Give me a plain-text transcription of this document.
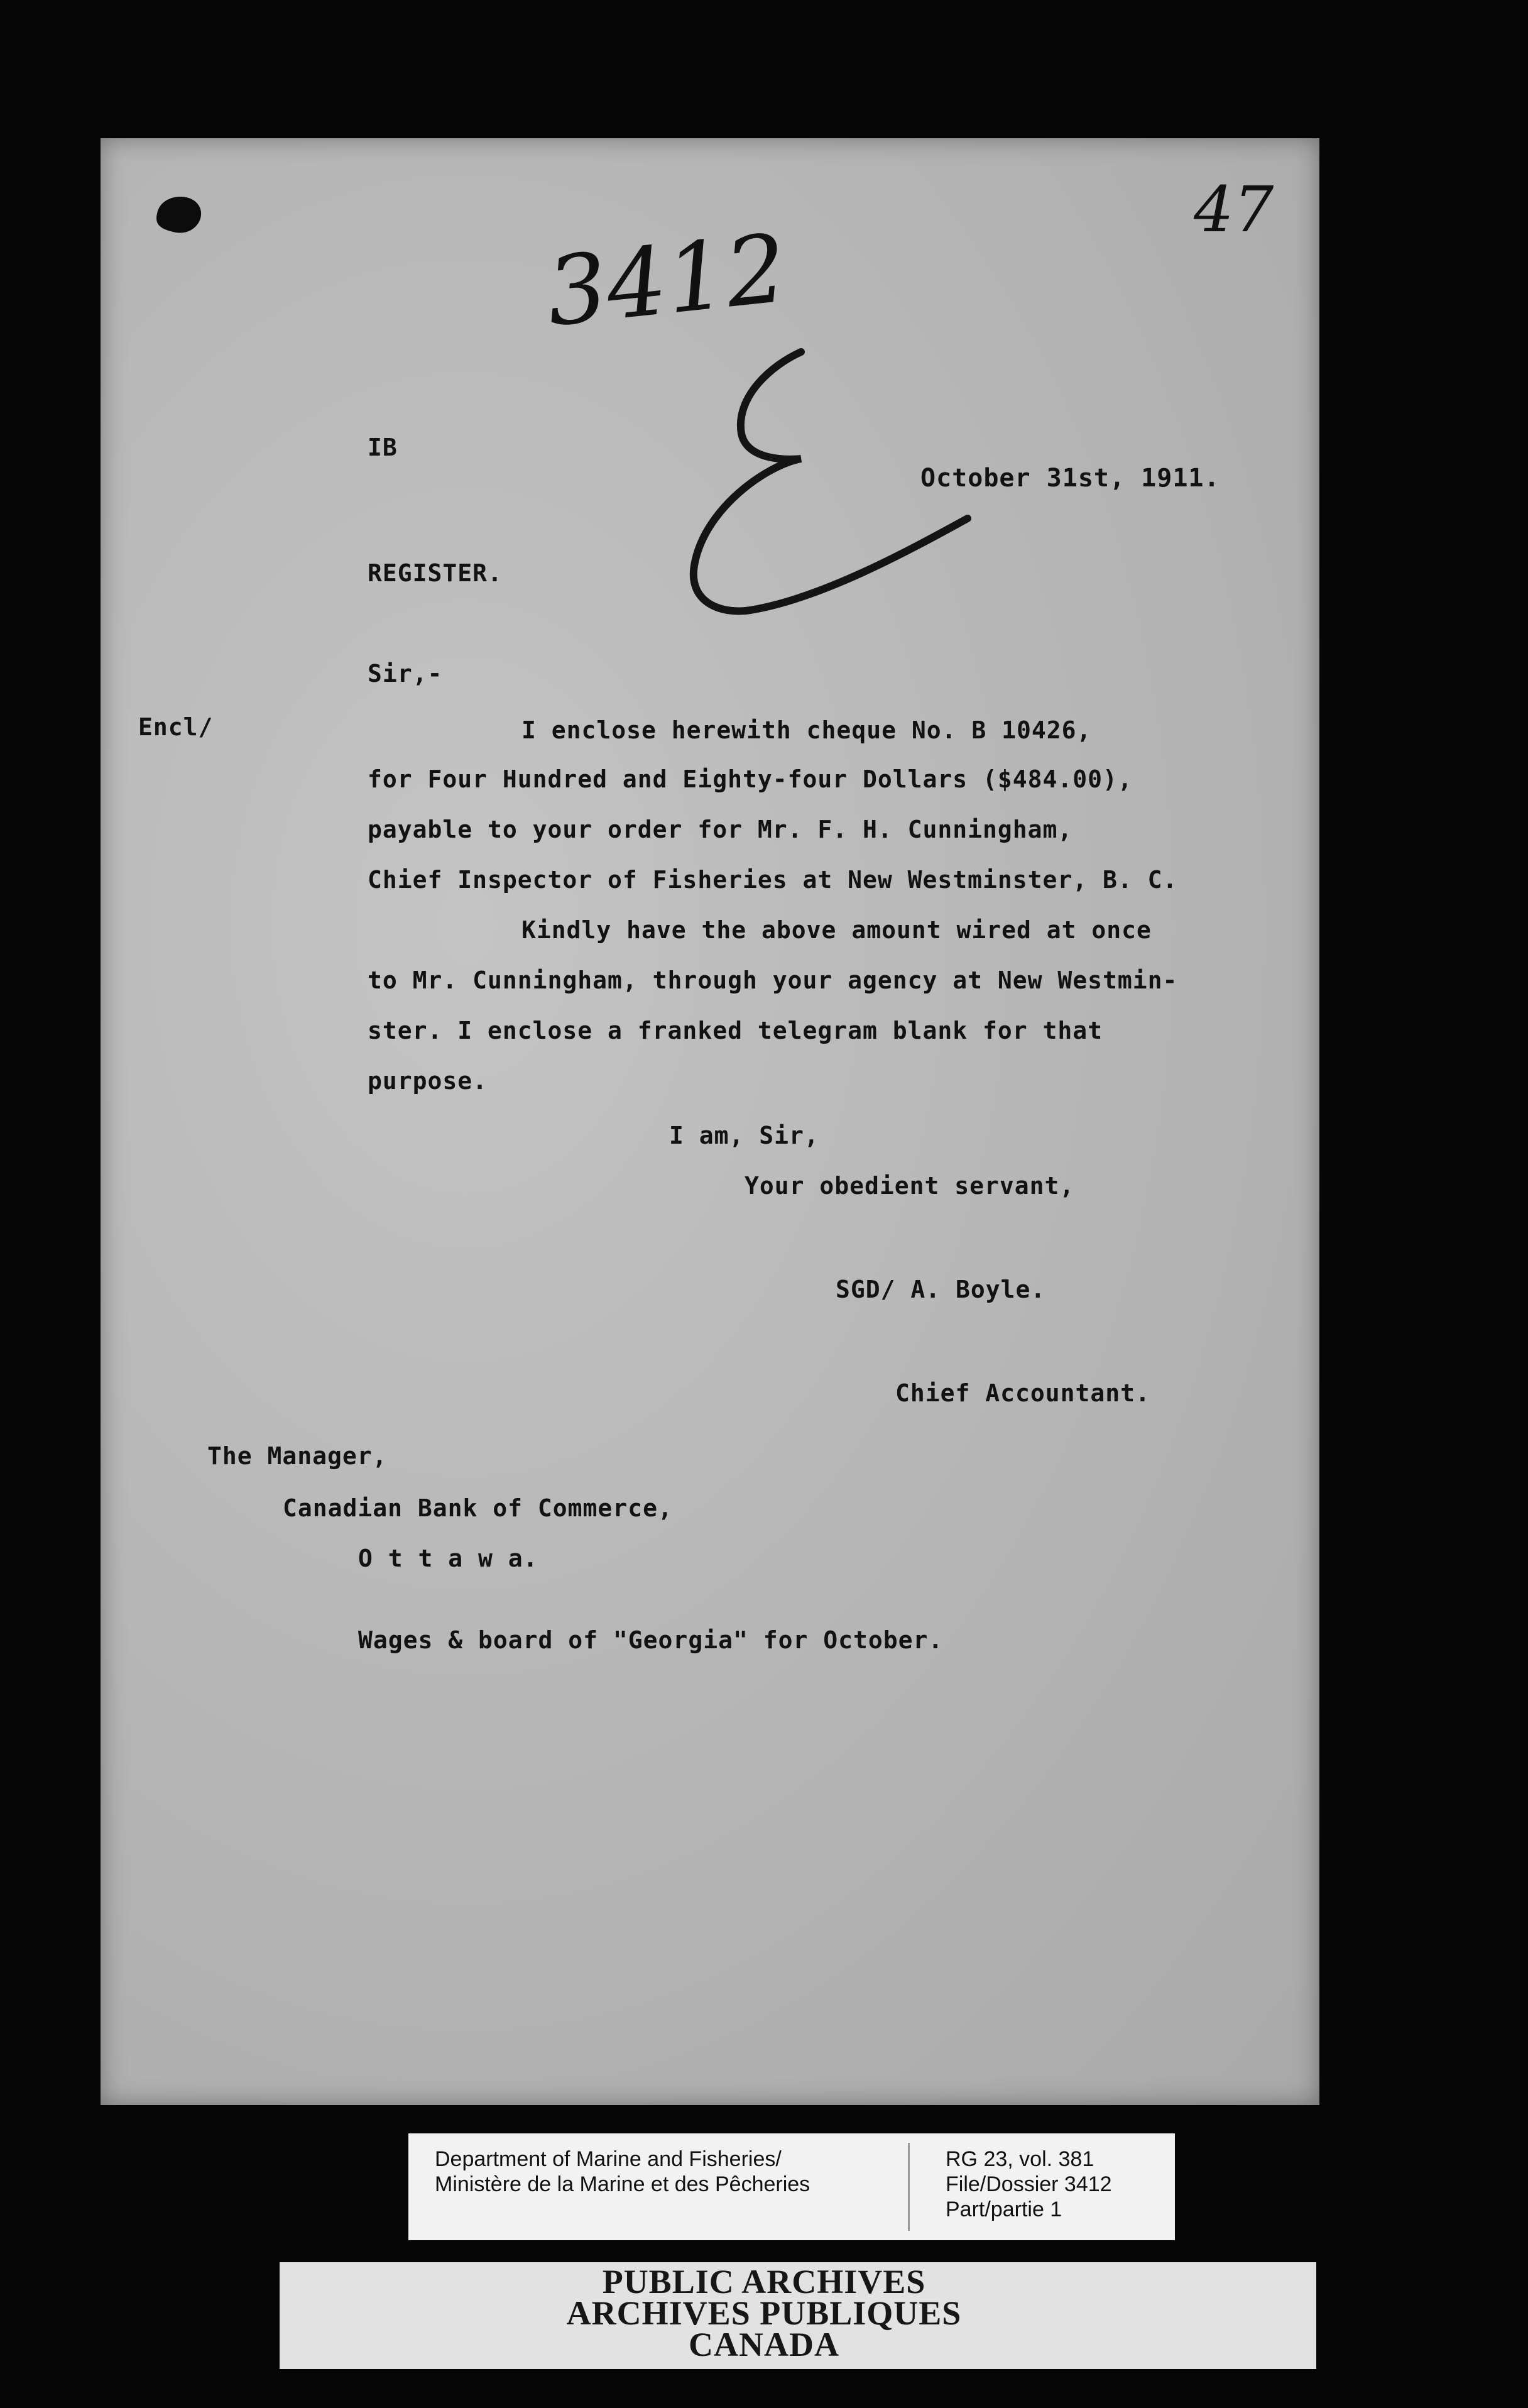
3412
47
IB
October 31st, 1911.
REGISTER.
Sir,-
Encl/	I enclose herewith cheque No. B 10426,
for Four Hundred and Eighty-four Dollars ($484.00),
payable to your order for Mr. F. H. Cunningham,
Chief Inspector of Fisheries at New Westminster, B. C.
Kindly have the above amount wired at once
to Mr. Cunningham, through your agency at New Westmin-
ster. I enclose a franked telegram blank for that
purpose.
I am, Sir,
Your obedient servant,
SGD/ A. Boyle.
Chief Accountant.
The Manager,
Canadian Bank of Commerce,
O t t a w a.
Wages & board of "Georgia" for October.
Department of Marine and Fisheries/
Ministère de la Marine et des Pêcheries
RG 23, vol. 381
File/Dossier 3412
Part/partie 1
PUBLIC ARCHIVES
ARCHIVES PUBLIQUES
CANADA
